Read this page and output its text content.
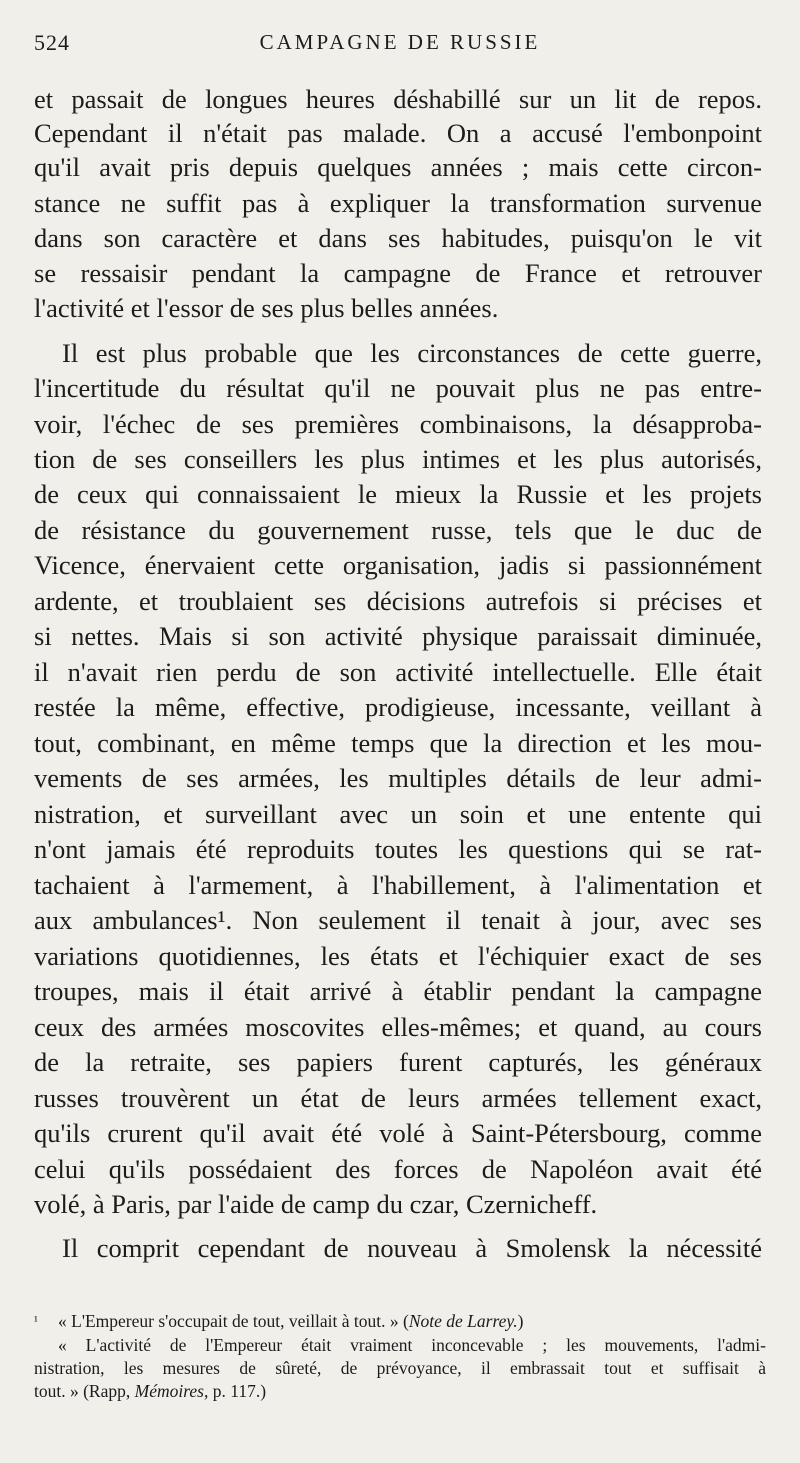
524	CAMPAGNE DE RUSSIE
et passait de longues heures déshabillé sur un lit de repos.
Cependant il n'était pas malade. On a accusé l'embonpoint
qu'il avait pris depuis quelques années ; mais cette circon-
stance ne suffit pas à expliquer la transformation survenue
dans son caractère et dans ses habitudes, puisqu'on le vit
se ressaisir pendant la campagne de France et retrouver
l'activité et l'essor de ses plus belles années.
Il est plus probable que les circonstances de cette guerre,
l'incertitude du résultat qu'il ne pouvait plus ne pas entre-
voir, l'échec de ses premières combinaisons, la désapproba-
tion de ses conseillers les plus intimes et les plus autorisés,
de ceux qui connaissaient le mieux la Russie et les projets
de résistance du gouvernement russe, tels que le duc de
Vicence, énervaient cette organisation, jadis si passionnément
ardente, et troublaient ses décisions autrefois si précises et
si nettes. Mais si son activité physique paraissait diminuée,
il n'avait rien perdu de son activité intellectuelle. Elle était
restée la même, effective, prodigieuse, incessante, veillant à
tout, combinant, en même temps que la direction et les mou-
vements de ses armées, les multiples détails de leur admi-
nistration, et surveillant avec un soin et une entente qui
n'ont jamais été reproduits toutes les questions qui se rat-
tachaient à l'armement, à l'habillement, à l'alimentation et
aux ambulances¹. Non seulement il tenait à jour, avec ses
variations quotidiennes, les états et l'échiquier exact de ses
troupes, mais il était arrivé à établir pendant la campagne
ceux des armées moscovites elles-mêmes; et quand, au cours
de la retraite, ses papiers furent capturés, les généraux
russes trouvèrent un état de leurs armées tellement exact,
qu'ils crurent qu'il avait été volé à Saint-Pétersbourg, comme
celui qu'ils possédaient des forces de Napoléon avait été
volé, à Paris, par l'aide de camp du czar, Czernicheff.
Il comprit cependant de nouveau à Smolensk la nécessité
¹ « L'Empereur s'occupait de tout, veillait à tout. » (Note de Larrey.)
« L'activité de l'Empereur était vraiment inconcevable ; les mouvements, l'admi-
nistration, les mesures de sûreté, de prévoyance, il embrassait tout et suffisait à
tout. » (Rapp, Mémoires, p. 117.)
